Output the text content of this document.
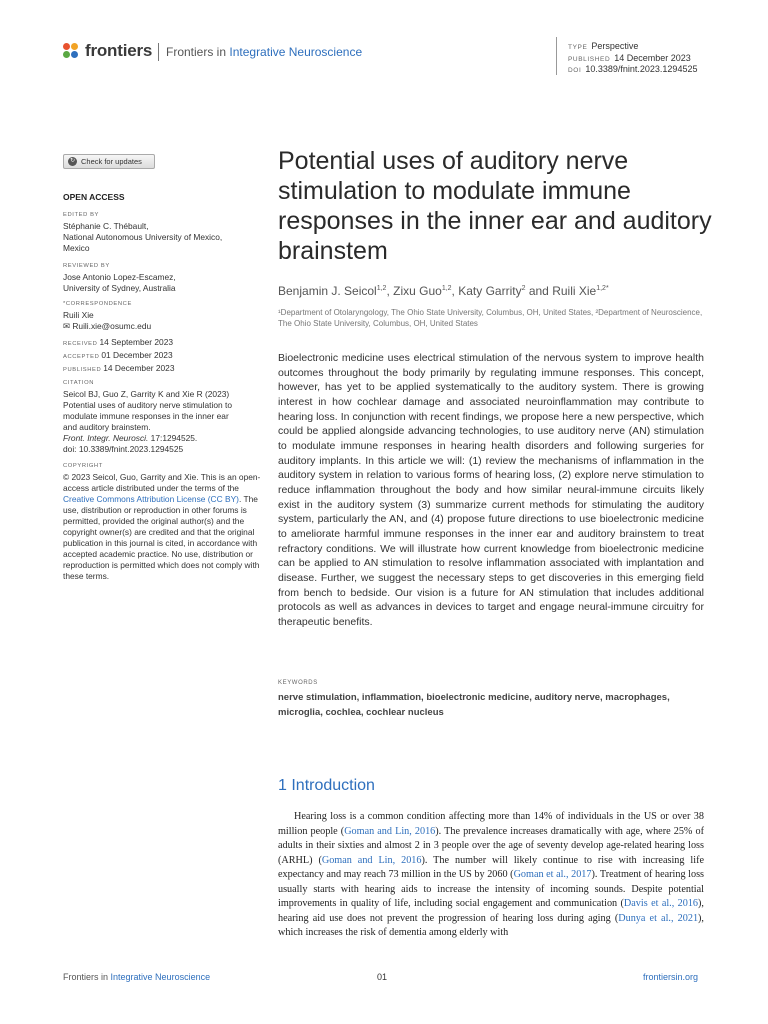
frontiers Frontiers in Integrative Neuroscience	TYPE Perspective
PUBLISHED 14 December 2023
DOI 10.3389/fnint.2023.1294525
↻ Check for updates
OPEN ACCESS
EDITED BY
Stéphanie C. Thébault,
National Autonomous University of Mexico,
Mexico
REVIEWED BY
Jose Antonio Lopez-Escamez,
University of Sydney, Australia
*CORRESPONDENCE
Ruili Xie
✉ Ruili.xie@osumc.edu
RECEIVED 14 September 2023
ACCEPTED 01 December 2023
PUBLISHED 14 December 2023
CITATION
Seicol BJ, Guo Z, Garrity K and Xie R (2023)
Potential uses of auditory nerve stimulation to
modulate immune responses in the inner ear
and auditory brainstem.
Front. Integr. Neurosci. 17:1294525.
doi: 10.3389/fnint.2023.1294525
COPYRIGHT
© 2023 Seicol, Guo, Garrity and Xie. This is an open-access article distributed under the terms of the Creative Commons Attribution License (CC BY). The use, distribution or reproduction in other forums is permitted, provided the original author(s) and the copyright owner(s) are credited and that the original publication in this journal is cited, in accordance with accepted academic practice. No use, distribution or reproduction is permitted which does not comply with these terms.
Potential uses of auditory nerve stimulation to modulate immune responses in the inner ear and auditory brainstem
Benjamin J. Seicol$^{1,2}$, Zixu Guo$^{1,2}$, Katy Garrity$^2$ and Ruili Xie$^{1,2*}$
¹Department of Otolaryngology, The Ohio State University, Columbus, OH, United States, ²Department of Neuroscience, The Ohio State University, Columbus, OH, United States
Bioelectronic medicine uses electrical stimulation of the nervous system to improve health outcomes throughout the body primarily by regulating immune responses. This concept, however, has yet to be applied systematically to the auditory system. There is growing interest in how cochlear damage and associated neuroinflammation may contribute to hearing loss. In conjunction with recent findings, we propose here a new perspective, which could be applied alongside advancing technologies, to use auditory nerve (AN) stimulation to modulate immune responses in hearing health disorders and following surgeries for auditory implants. In this article we will: (1) review the mechanisms of inflammation in the auditory system in relation to various forms of hearing loss, (2) explore nerve stimulation to reduce inflammation throughout the body and how similar neural-immune circuits likely exist in the auditory system (3) summarize current methods for stimulating the auditory system, particularly the AN, and (4) propose future directions to use bioelectronic medicine to ameliorate harmful immune responses in the inner ear and auditory brainstem to treat refractory conditions. We will illustrate how current knowledge from bioelectronic medicine can be applied to AN stimulation to resolve inflammation associated with implantation and disease. Further, we suggest the necessary steps to get discoveries in this emerging field from bench to bedside. Our vision is a future for AN stimulation that includes additional protocols as well as advances in devices to target and engage neural-immune circuitry for therapeutic benefits.
KEYWORDS
nerve stimulation, inflammation, bioelectronic medicine, auditory nerve, macrophages, microglia, cochlea, cochlear nucleus
1 Introduction
Hearing loss is a common condition affecting more than 14% of individuals in the US or over 38 million people (Goman and Lin, 2016). The prevalence increases dramatically with age, where 25% of adults in their sixties and almost 2 in 3 people over the age of seventy develop age-related hearing loss (ARHL) (Goman and Lin, 2016). The number will likely continue to rise with increasing life expectancy and may reach 73 million in the US by 2060 (Goman et al., 2017). Treatment of hearing loss usually starts with hearing aids to increase the intensity of incoming sounds. Despite potential improvements in quality of life, including social engagement and communication (Davis et al., 2016), hearing aid use does not prevent the progression of hearing loss during aging (Dunya et al., 2021), which increases the risk of dementia among elderly with
Frontiers in Integrative Neuroscience	01	frontiersin.org
